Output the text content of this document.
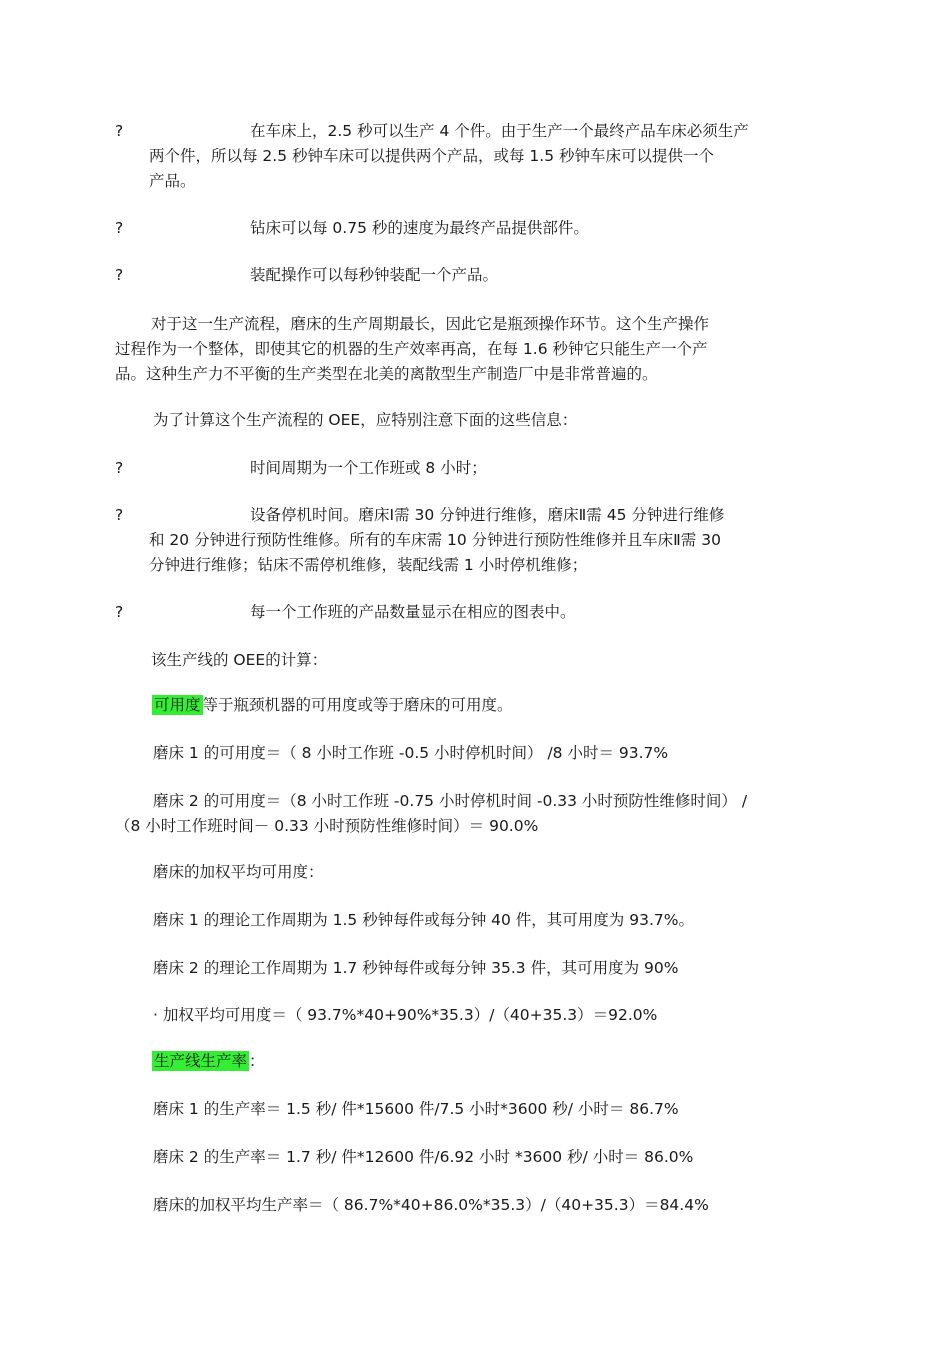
?	在车床上，2.5 秒可以生产 4 个件。由于生产一个最终产品车床必须生产
两个件，所以每 2.5 秒钟车床可以提供两个产品，或每 1.5 秒钟车床可以提供一个
产品。
?	钻床可以每 0.75 秒的速度为最终产品提供部件。
?	装配操作可以每秒钟装配一个产品。
对于这一生产流程，磨床的生产周期最长，因此它是瓶颈操作环节。这个生产操作
过程作为一个整体，即使其它的机器的生产效率再高，在每 1.6 秒钟它只能生产一个产
品。这种生产力不平衡的生产类型在北美的离散型生产制造厂中是非常普遍的。
为了计算这个生产流程的 OEE，应特别注意下面的这些信息：
?	时间周期为一个工作班或 8 小时；
?	设备停机时间。磨床Ⅰ需 30 分钟进行维修，磨床Ⅱ需 45 分钟进行维修
和 20 分钟进行预防性维修。所有的车床需 10 分钟进行预防性维修并且车床Ⅱ需 30
分钟进行维修；钻床不需停机维修，装配线需 1 小时停机维修；
?	每一个工作班的产品数量显示在相应的图表中。
该生产线的 OEE的计算：
可用度 等于瓶颈机器的可用度或等于磨床的可用度。
磨床 1 的可用度＝（ 8 小时工作班 -0.5 小时停机时间） /8 小时＝ 93.7%
磨床 2 的可用度＝（8 小时工作班 -0.75 小时停机时间 -0.33 小时预防性维修时间） /
（8 小时工作班时间－ 0.33 小时预防性维修时间）＝ 90.0%
磨床的加权平均可用度：
磨床 1 的理论工作周期为 1.5 秒钟每件或每分钟 40 件，其可用度为 93.7%。
磨床 2 的理论工作周期为 1.7 秒钟每件或每分钟 35.3 件，其可用度为 90%
· 加权平均可用度＝（ 93.7%*40+90%*35.3）/（40+35.3）＝92.0%
生产线生产率 ：
磨床 1 的生产率＝ 1.5 秒/ 件*15600 件/7.5 小时*3600 秒/ 小时＝ 86.7%
磨床 2 的生产率＝ 1.7 秒/ 件*12600 件/6.92 小时 *3600 秒/ 小时＝ 86.0%
磨床的加权平均生产率＝（ 86.7%*40+86.0%*35.3）/（40+35.3）＝84.4%
